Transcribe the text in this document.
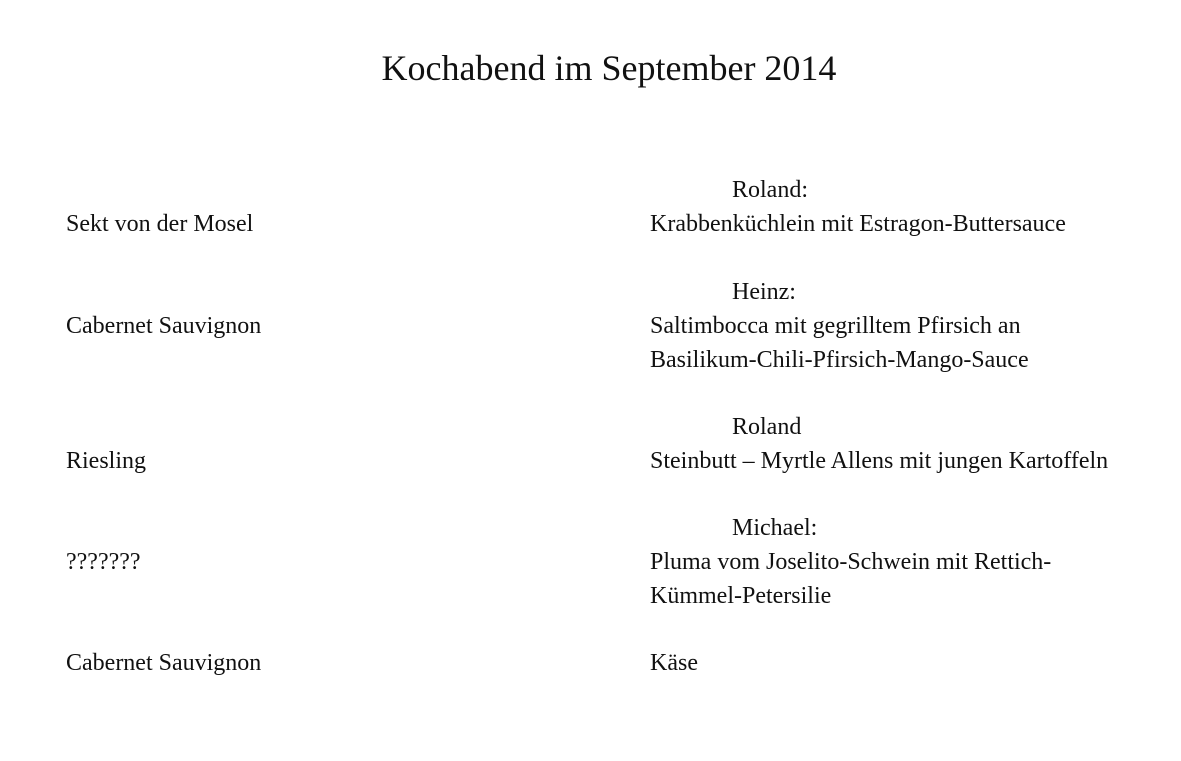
Kochabend im September 2014
Roland:
Sekt von der Mosel	Krabbenküchlein mit Estragon-Buttersauce
Heinz:
Cabernet Sauvignon	Saltimbocca mit gegrilltem Pfirsich an
Basilikum-Chili-Pfirsich-Mango-Sauce
Roland
Riesling	Steinbutt – Myrtle Allens mit jungen Kartoffeln
Michael:
???????	Pluma vom Joselito-Schwein mit Rettich-
Kümmel-Petersilie
Cabernet Sauvignon	Käse
